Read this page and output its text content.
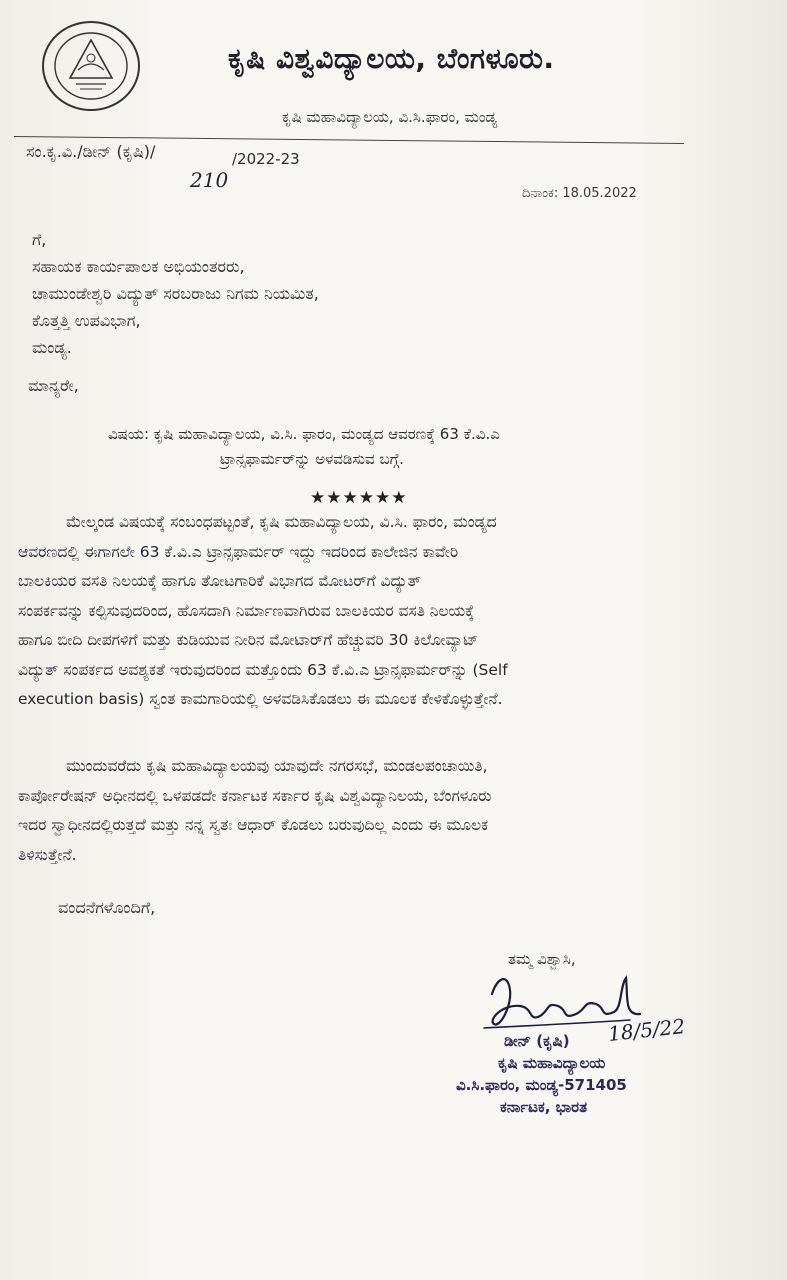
ಕೃಷಿ ವಿಶ್ವವಿದ್ಯಾಲಯ, ಬೆಂಗಳೂರು.
ಕೃಷಿ ಮಹಾವಿದ್ಯಾಲಯ, ವಿ.ಸಿ.ಫಾರಂ, ಮಂಡ್ಯ
ಸಂ.ಕೃ.ವಿ./ಡೀನ್ (ಕೃಷಿ)/	/2022-23
210
ದಿನಾಂಕ: 18.05.2022
ಗೆ,
ಸಹಾಯಕ ಕಾರ್ಯಪಾಲಕ ಅಭಿಯಂತರರು,
ಚಾಮುಂಡೇಶ್ವರಿ ವಿದ್ಯುತ್ ಸರಬರಾಜು ನಿಗಮ ನಿಯಮಿತ,
ಕೊತ್ತತ್ತಿ ಉಪವಿಭಾಗ,
ಮಂಡ್ಯ.
ಮಾನ್ಯರೇ,
ವಿಷಯ: ಕೃಷಿ ಮಹಾವಿದ್ಯಾಲಯ, ವಿ.ಸಿ. ಫಾರಂ, ಮಂಡ್ಯದ ಆವರಣಕ್ಕೆ 63 ಕೆ.ವಿ.ಎ
ಟ್ರಾನ್ಸಫಾರ್ಮರ್‌ನ್ನು ಅಳವಡಿಸುವ ಬಗ್ಗೆ.
★★★★★★
ಮೇಲ್ಕಂಡ ವಿಷಯಕ್ಕೆ ಸಂಬಂಧಪಟ್ಟಂತೆ, ಕೃಷಿ ಮಹಾವಿದ್ಯಾಲಯ, ವಿ.ಸಿ. ಫಾರಂ, ಮಂಡ್ಯದ
ಆವರಣದಲ್ಲಿ ಈಗಾಗಲೇ 63 ಕೆ.ವಿ.ಎ ಟ್ರಾನ್ಸಫಾರ್ಮರ್ ಇದ್ದು ಇದರಿಂದ ಕಾಲೇಜಿನ ಕಾವೇರಿ
ಬಾಲಕಿಯರ ವಸತಿ ನಿಲಯಕ್ಕೆ ಹಾಗೂ ತೋಟಗಾರಿಕೆ ವಿಭಾಗದ ಮೋಟರ್‌ಗೆ ವಿದ್ಯುತ್
ಸಂಪರ್ಕವನ್ನು ಕಲ್ಪಿಸುವುದರಿಂದ, ಹೊಸದಾಗಿ ನಿರ್ಮಾಣವಾಗಿರುವ ಬಾಲಕಿಯರ ವಸತಿ ನಿಲಯಕ್ಕೆ
ಹಾಗೂ ಬೀದಿ ದೀಪಗಳಿಗೆ ಮತ್ತು ಕುಡಿಯುವ ನೀರಿನ ಮೋಟಾರ್‌ಗೆ ಹೆಚ್ಚುವರಿ 30 ಕಿಲೋವ್ಯಾಟ್
ವಿದ್ಯುತ್ ಸಂಪರ್ಕದ ಅವಶ್ಯಕತೆ ಇರುವುದರಿಂದ ಮತ್ತೊಂದು 63 ಕೆ.ವಿ.ಎ ಟ್ರಾನ್ಸಫಾರ್ಮರ್‌ನ್ನು (Self
execution basis) ಸ್ವಂತ ಕಾಮಗಾರಿಯಲ್ಲಿ ಅಳವಡಿಸಿಕೊಡಲು ಈ ಮೂಲಕ ಕೇಳಿಕೊಳ್ಳುತ್ತೇನೆ.
ಮುಂದುವರೆದು ಕೃಷಿ ಮಹಾವಿದ್ಯಾಲಯವು ಯಾವುದೇ ನಗರಸಭೆ, ಮಂಡಲಪಂಚಾಯಿತಿ,
ಕಾರ್ಪೋರೇಷನ್ ಅಧೀನದಲ್ಲಿ ಒಳಪಡದೇ ಕರ್ನಾಟಕ ಸರ್ಕಾರ ಕೃಷಿ ವಿಶ್ವವಿದ್ಯಾನಿಲಯ, ಬೆಂಗಳೂರು
ಇದರ ಸ್ವಾಧೀನದಲ್ಲಿರುತ್ತದೆ ಮತ್ತು ನನ್ನ ಸ್ವತಃ ಆಧಾರ್ ಕೊಡಲು ಬರುವುದಿಲ್ಲ ಎಂದು ಈ ಮೂಲಕ
ತಿಳಿಸುತ್ತೇನೆ.
ವಂದನೆಗಳೊಂದಿಗೆ,
ತಮ್ಮ ವಿಶ್ವಾಸಿ,
18/5/22
ಡೀನ್ (ಕೃಷಿ)
ಕೃಷಿ ಮಹಾವಿದ್ಯಾಲಯ
ವಿ.ಸಿ.ಫಾರಂ, ಮಂಡ್ಯ-571405
ಕರ್ನಾಟಕ, ಭಾರತ
